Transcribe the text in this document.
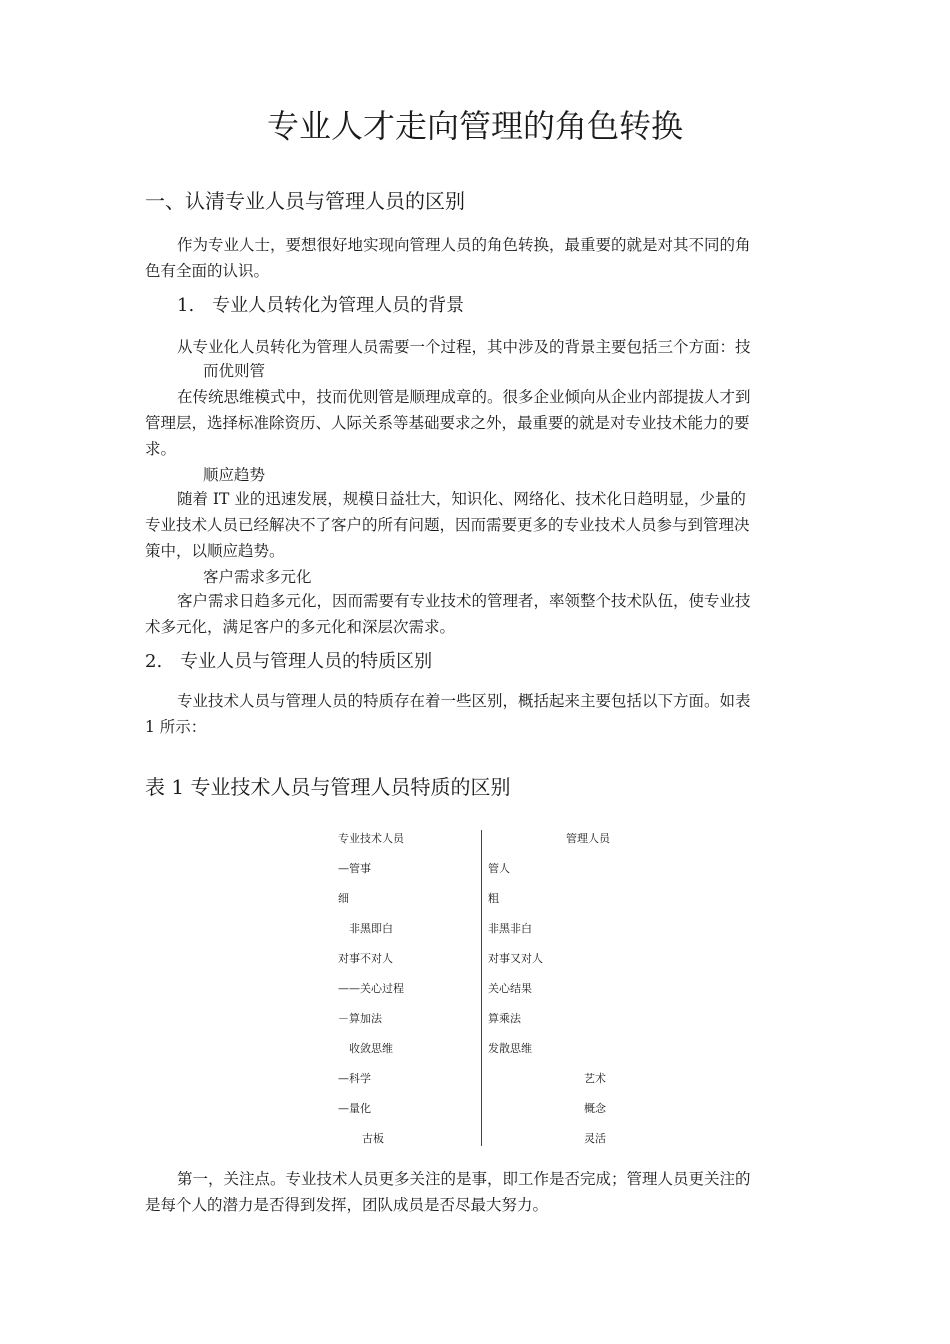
专业人才走向管理的角色转换
一、认清专业人员与管理人员的区别
作为专业人士，要想很好地实现向管理人员的角色转换，最重要的就是对其不同的角
色有全面的认识。
1.　专业人员转化为管理人员的背景
从专业化人员转化为管理人员需要一个过程，其中涉及的背景主要包括三个方面：技
而优则管
在传统思维模式中，技而优则管是顺理成章的。很多企业倾向从企业内部提拔人才到
管理层，选择标准除资历、人际关系等基础要求之外，最重要的就是对专业技术能力的要
求。
顺应趋势
随着 IT 业的迅速发展，规模日益壮大，知识化、网络化、技术化日趋明显，少量的
专业技术人员已经解决不了客户的所有问题，因而需要更多的专业技术人员参与到管理决
策中，以顺应趋势。
客户需求多元化
客户需求日趋多元化，因而需要有专业技术的管理者，率领整个技术队伍，使专业技
术多元化，满足客户的多元化和深层次需求。
2.　专业人员与管理人员的特质区别
专业技术人员与管理人员的特质存在着一些区别，概括起来主要包括以下方面。如表
1 所示：
表 1 专业技术人员与管理人员特质的区别
专业技术人员	管理人员
—管事	管人
细	粗
非黑即白	非黑非白
对事不对人	对事又对人
——关心过程	关心结果
－算加法	算乘法
收敛思维	发散思维
—科学	艺术
—量化	概念
古板	灵活
第一，关注点。专业技术人员更多关注的是事，即工作是否完成；管理人员更关注的
是每个人的潜力是否得到发挥，团队成员是否尽最大努力。
